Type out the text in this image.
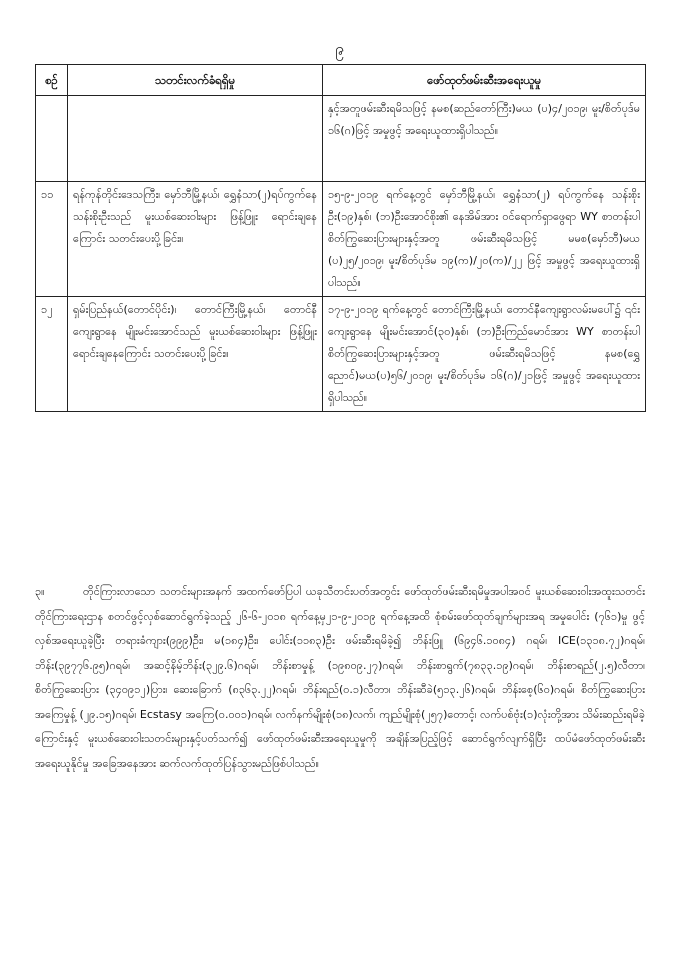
၉
စဉ်	သတင်းလက်ခံရရှိမှု	ဖော်ထုတ်ဖမ်းဆီးအရေးယူမှု
		နှင့်အတူဖမ်းဆီးရမိသဖြင့် နမစ(ဆည်တော်ကြီး)မယ (ပ)၄/၂၀၁၉၊ မူး/စိတ်ပုဒ်မ ၁၆(ဂ)ဖြင့် အမှုဖွင့် အရေးယူထားရှိပါသည်။
၁၁	ရန်ကုန်တိုင်းဒေသကြီး၊ မှော်ဘီမြို့နယ်၊ ရွှေနံသာ(၂)ရပ်ကွက်နေ သန်းစိုးဦးသည် မူးယစ်ဆေးဝါးများ ဖြန့်ဖြူး ရောင်းချနေကြောင်း သတင်းပေးပို့ခြင်း။	၁၅-၉-၂၀၁၉ ရက်နေ့တွင် မှော်ဘီမြို့နယ်၊ ရွှေနံသာ(၂) ရပ်ကွက်နေ သန်းစိုးဦး(၁၉)နှစ်၊ (ဘ)ဦးအောင်စိုး၏ နေအိမ်အား ဝင်ရောက်ရှာဖွေရာ WY စာတန်းပါ စိတ်ကြွဆေးပြားများနှင့်အတူ ဖမ်းဆီးရမိသဖြင့် မမစ(မှော်ဘီ)မယ (ပ)၂၅/၂၀၁၉၊ မူး/စိတ်ပုဒ်မ ၁၉(က)/၂၀(က)/၂၂ ဖြင့် အမှုဖွင့် အရေးယူထားရှိပါသည်။
၁၂	ရှမ်းပြည်နယ်(တောင်ပိုင်း)၊ တောင်ကြီးမြို့နယ်၊ တောင်နီကျေးရွာနေ မျိုးမင်းအောင်သည် မူးယစ်ဆေးဝါးများ ဖြန့်ဖြူးရောင်းချနေကြောင်း သတင်းပေးပို့ခြင်း။	၁၇-၉-၂၀၁၉ ရက်နေ့တွင် တောင်ကြီးမြို့နယ်၊ တောင်နီကျေးရွာလမ်းမပေါ်၌ ၎င်းကျေးရွာနေ မျိုးမင်းအောင်(၃၀)နှစ်၊ (ဘ)ဦးကြည်မောင်အား WY စာတန်းပါ စိတ်ကြွဆေးပြားများနှင့်အတူ ဖမ်းဆီးရမိသဖြင့် နမစ(ရွှေညောင်)မယ(ပ)၅၆/၂၀၁၉၊ မူး/စိတ်ပုဒ်မ ၁၆(ဂ)/၂၁ဖြင့် အမှုဖွင့် အရေးယူထားရှိပါသည်။
၃။	တိုင်ကြားလာသော သတင်းများအနက် အထက်ဖော်ပြပါ ယခုသီတင်းပတ်အတွင်း ဖော်ထုတ်ဖမ်းဆီးရမိမှုအပါအဝင် မူးယစ်ဆေးဝါးအထူးသတင်းတိုင်ကြားရေးဌာန စတင်ဖွင့်လှစ်ဆောင်ရွက်ခဲ့သည့် ၂၆-၆-၂၀၁၈ ရက်နေ့မှ၂၁-၉-၂၀၁၉ ရက်နေ့အထိ စုံစမ်းဖော်ထုတ်ချက်များအရ အမှုပေါင်း (၇၆၁)မှု ဖွင့်လှစ်အရေးယူခဲ့ပြီး တရားခံကျား(၉၉၉)ဦး၊ မ(၁၈၄)ဦး၊ ပေါင်း(၁၁၈၃)ဦး ဖမ်းဆီးရမိခဲ့၍ ဘိန်းဖြူ (၆၉၄၆.၁၀၈၄) ဂရမ်၊ ICE(၁၃၁၈.၇၂)ဂရမ်၊ ဘိန်း(၃၉၇၇၆.၉၅)ဂရမ်၊ အဆင့်နိမ့်ဘိန်း(၃၂၉.၆)ဂရမ်၊ ဘိန်းစာမှုန့် (၁၉၈၀၉.၂၇)ဂရမ်၊ ဘိန်းစာရွက်(၇၈၃၃.၁၉)ဂရမ်၊ ဘိန်းစာရည်(၂.၅)လီတာ၊ စိတ်ကြွဆေးပြား (၃၄၀၉၁၂)ပြား၊ ဆေးခြောက် (၈၃၆၃.၂၂)ဂရမ်၊ ဘိန်းရည်(၀.၁)လီတာ၊ ဘိန်းဆီခဲ(၅၁၃.၂၆)ဂရမ်၊ ဘိန်းစေ့(၆၀)ဂရမ်၊ စိတ်ကြွဆေးပြား အကြေမှုန့် (၂၉.၁၅)ဂရမ်၊ Ecstasy အကြေ(၀.၀၀၁)ဂရမ်၊ လက်နက်မျိုးစုံ(၁၈)လက်၊ ကျည်မျိုးစုံ(၂၅၇)တောင့်၊ လက်ပစ်ဗုံး(၁)လုံးတို့အား သိမ်းဆည်းရမိခဲ့ကြောင်းနှင့် မူးယစ်ဆေးဝါးသတင်းများနှင့်ပတ်သက်၍ ဖော်ထုတ်ဖမ်းဆီးအရေးယူမှုကို အချိန်အပြည့်ဖြင့် ဆောင်ရွက်လျက်ရှိပြီး ထပ်မံဖော်ထုတ်ဖမ်းဆီး အရေးယူနိုင်မှု အခြေအနေအား ဆက်လက်ထုတ်ပြန်သွားမည်ဖြစ်ပါသည်။
